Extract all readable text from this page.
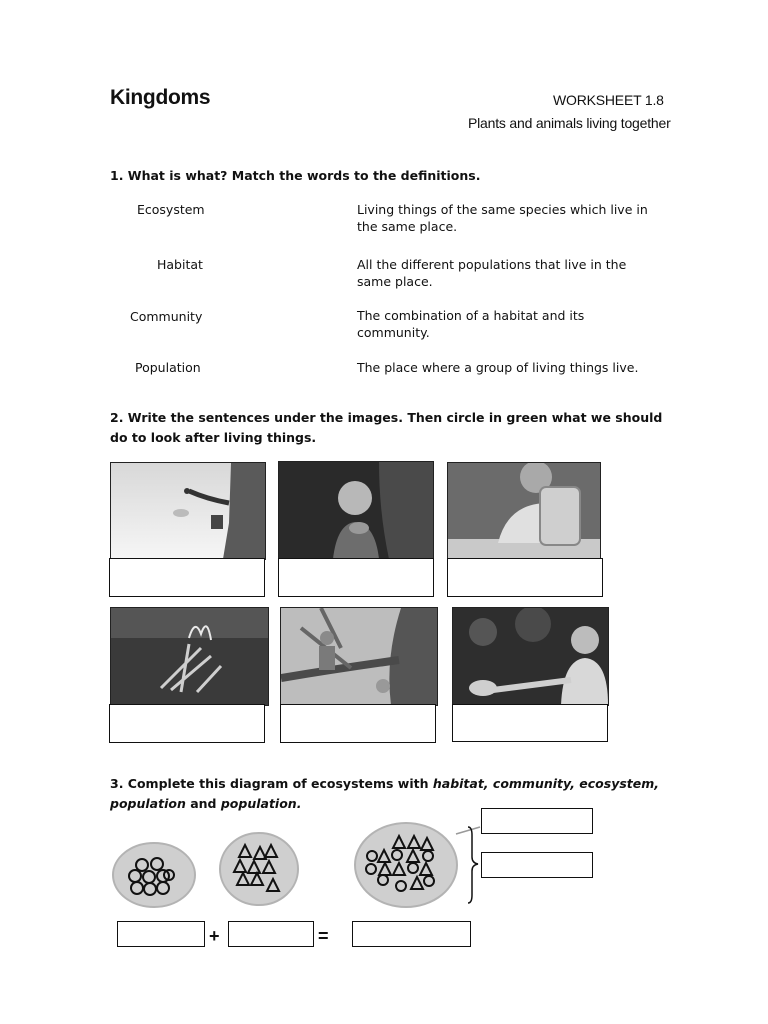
Kingdoms	WORKSHEET 1.8
Plants and animals living together
1. What is what? Match the words to the definitions.
Ecosystem
Habitat
Community
Population
Living things of the same species which live in the same place.
All the different populations that live in the same place.
The combination of a habitat and its community.
The place where a group of living things live.
2. Write the sentences under the images. Then circle in green what we should do to look after living things.
3. Complete this diagram of ecosystems with habitat, community, ecosystem,
population and population.
+	=
